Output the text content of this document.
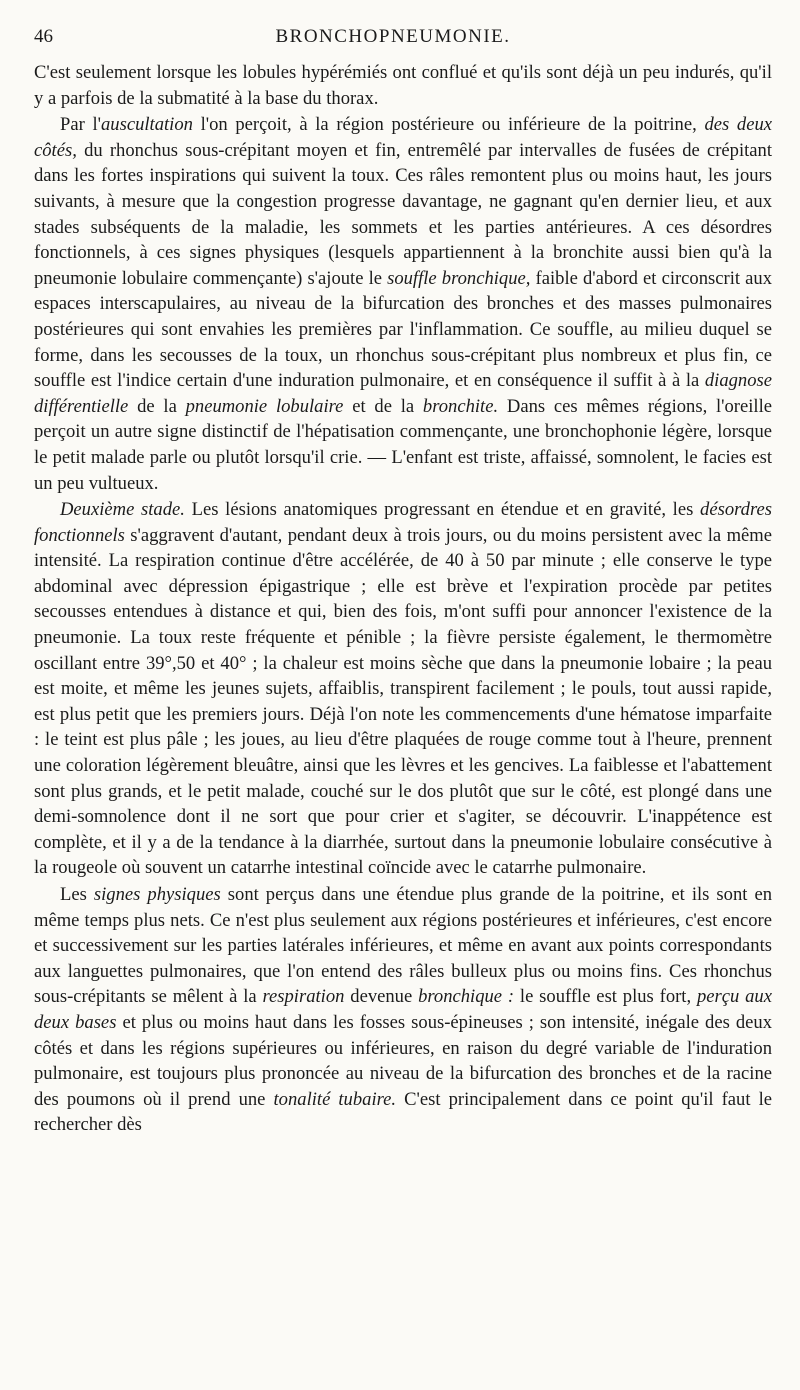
46	BRONCHOPNEUMONIE.

C'est seulement lorsque les lobules hypérémiés ont conflué et qu'ils sont déjà un peu indurés, qu'il y a parfois de la submatité à la base du thorax.

Par l'auscultation l'on perçoit, à la région postérieure ou inférieure de la poitrine, des deux côtés, du rhonchus sous-crépitant moyen et fin, entremêlé par intervalles de fusées de crépitant dans les fortes inspirations qui suivent la toux. Ces râles remontent plus ou moins haut, les jours suivants, à mesure que la congestion progresse davantage, ne gagnant qu'en dernier lieu, et aux stades subséquents de la maladie, les sommets et les parties antérieures. A ces désordres fonctionnels, à ces signes physiques (lesquels appartiennent à la bronchite aussi bien qu'à la pneumonie lobulaire commençante) s'ajoute le souffle bronchique, faible d'abord et circonscrit aux espaces interscapulaires, au niveau de la bifurcation des bronches et des masses pulmonaires postérieures qui sont envahies les premières par l'inflammation. Ce souffle, au milieu duquel se forme, dans les secousses de la toux, un rhonchus sous-crépitant plus nombreux et plus fin, ce souffle est l'indice certain d'une induration pulmonaire, et en conséquence il suffit à à la diagnose différentielle de la pneumonie lobulaire et de la bronchite. Dans ces mêmes régions, l'oreille perçoit un autre signe distinctif de l'hépatisation commençante, une bronchophonie légère, lorsque le petit malade parle ou plutôt lorsqu'il crie. — L'enfant est triste, affaissé, somnolent, le facies est un peu vultueux.

Deuxième stade. Les lésions anatomiques progressant en étendue et en gravité, les désordres fonctionnels s'aggravent d'autant, pendant deux à trois jours, ou du moins persistent avec la même intensité. La respiration continue d'être accélérée, de 40 à 50 par minute ; elle conserve le type abdominal avec dépression épigastrique ; elle est brève et l'expiration procède par petites secousses entendues à distance et qui, bien des fois, m'ont suffi pour annoncer l'existence de la pneumonie. La toux reste fréquente et pénible ; la fièvre persiste également, le thermomètre oscillant entre 39°,50 et 40° ; la chaleur est moins sèche que dans la pneumonie lobaire ; la peau est moite, et même les jeunes sujets, affaiblis, transpirent facilement ; le pouls, tout aussi rapide, est plus petit que les premiers jours. Déjà l'on note les commencements d'une hématose imparfaite : le teint est plus pâle ; les joues, au lieu d'être plaquées de rouge comme tout à l'heure, prennent une coloration légèrement bleuâtre, ainsi que les lèvres et les gencives. La faiblesse et l'abattement sont plus grands, et le petit malade, couché sur le dos plutôt que sur le côté, est plongé dans une demi-somnolence dont il ne sort que pour crier et s'agiter, se découvrir. L'inappétence est complète, et il y a de la tendance à la diarrhée, surtout dans la pneumonie lobulaire consécutive à la rougeole où souvent un catarrhe intestinal coïncide avec le catarrhe pulmonaire.

Les signes physiques sont perçus dans une étendue plus grande de la poitrine, et ils sont en même temps plus nets. Ce n'est plus seulement aux régions postérieures et inférieures, c'est encore et successivement sur les parties latérales inférieures, et même en avant aux points correspondants aux languettes pulmonaires, que l'on entend des râles bulleux plus ou moins fins. Ces rhonchus sous-crépitants se mêlent à la respiration devenue bronchique : le souffle est plus fort, perçu aux deux bases et plus ou moins haut dans les fosses sous-épineuses ; son intensité, inégale des deux côtés et dans les régions supérieures ou inférieures, en raison du degré variable de l'induration pulmonaire, est toujours plus prononcée au niveau de la bifurcation des bronches et de la racine des poumons où il prend une tonalité tubaire. C'est principalement dans ce point qu'il faut le rechercher dès
